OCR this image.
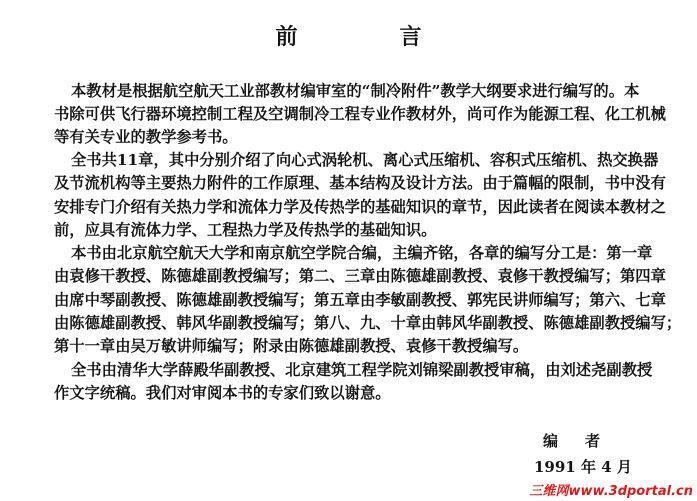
前　言
本教材是根据航空航天工业部教材编审室的“制冷附件”教学大纲要求进行编写的。本
书除可供飞行器环境控制工程及空调制冷工程专业作教材外，尚可作为能源工程、化工机械
等有关专业的教学参考书。
全书共11章，其中分别介绍了向心式涡轮机、离心式压缩机、容积式压缩机、热交换器
及节流机构等主要热力附件的工作原理、基本结构及设计方法。由于篇幅的限制，书中没有
安排专门介绍有关热力学和流体力学及传热学的基础知识的章节，因此读者在阅读本教材之
前，应具有流体力学、工程热力学及传热学的基础知识。
本书由北京航空航天大学和南京航空学院合编，主编齐铭，各章的编写分工是：第一章
由袁修干教授、陈德雄副教授编写；第二、三章由陈德雄副教授、袁修干教授编写；第四章
由席中琴副教授、陈德雄副教授编写；第五章由李敏副教授、郭宪民讲师编写；第六、七章
由陈德雄副教授、韩风华副教授编写；第八、九、十章由韩风华副教授、陈德雄副教授编写；
第十一章由吴万敏讲师编写；附录由陈德雄副教授、袁修干教授编写。
全书由清华大学薛殿华副教授、北京建筑工程学院刘锦梁副教授审稿，由刘述尧副教授
作文字统稿。我们对审阅本书的专家们致以谢意。
编　者
1991 年 4 月
三维网www.3dportal.cn
